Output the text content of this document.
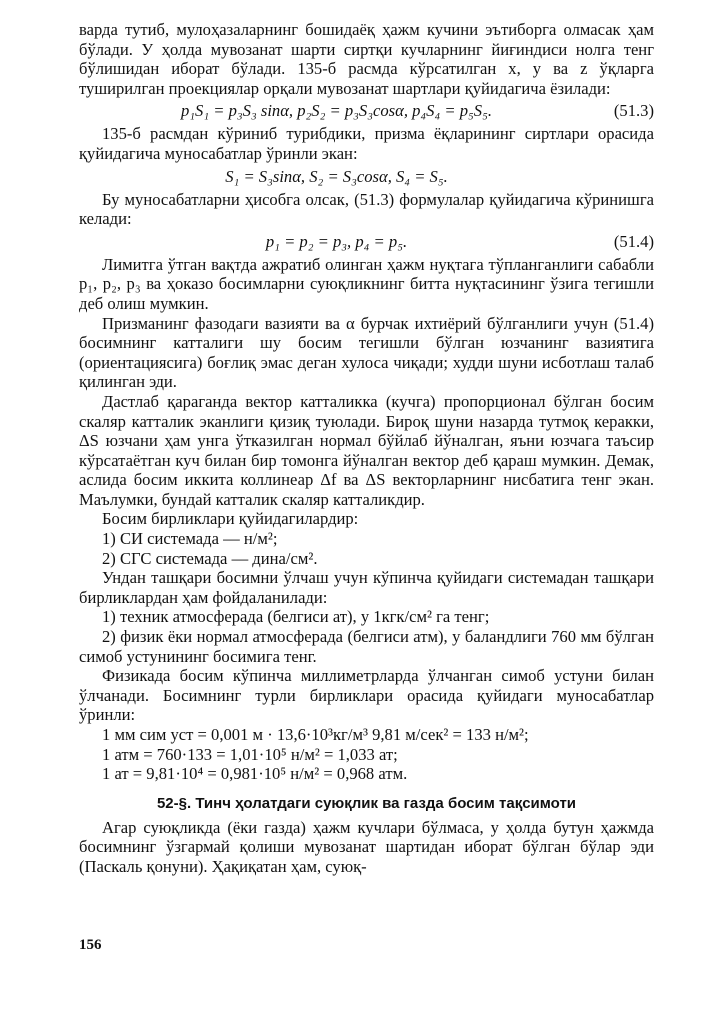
варда тутиб, мулоҳазаларнинг бошидаёқ ҳажм кучини эътиборга олмасак ҳам бўлади. У ҳолда мувозанат шарти сиртқи кучларнинг йиғиндиси нолга тенг бўлишидан иборат бўлади. 135-б расмда кўрсатилган x, y ва z ўқларга туширилган проекциялар орқали мувозанат шартлари қуйидагича ёзилади:

p₁S₁ = p₃S₃ sinα, p₂S₂ = p₃S₃cosα, p₄S₄ = p₅S₅.	(51.3)

135-б расмдан кўриниб турибдики, призма ёқларининг сиртлари орасида қуйидагича муносабатлар ўринли экан:

S₁ = S₃sinα, S₂ = S₃cosα, S₄ = S₅.

Бу муносабатларни ҳисобга олсак, (51.3) формулалар қуйидагича кўринишга келади:

p₁ = p₂ = p₃, p₄ = p₅.	(51.4)

Лимитга ўтган вақтда ажратиб олинган ҳажм нуқтага тўпланганлиги сабабли p₁, p₂, p₃ ва ҳоказо босимларни суюқликнинг битта нуқтасининг ўзига тегишли деб олиш мумкин.

Призманинг фазодаги вазияти ва α бурчак ихтиёрий бўлганлиги учун (51.4) босимнинг катталиги шу босим тегишли бўлган юзчанинг вазиятига (ориентациясига) боғлиқ эмас деган хулоса чиқади; худди шуни исботлаш талаб қилинган эди.

Дастлаб қараганда вектор катталикка (кучга) пропорционал бўлган босим скаляр катталик эканлиги қизиқ туюлади. Бироқ шуни назарда тутмоқ керакки, ΔS юзчани ҳам унга ўтказилган нормал бўйлаб йўналган, яъни юзчага таъсир кўрсатаётган куч билан бир томонга йўналган вектор деб қараш мумкин. Демак, аслида босим иккита коллинеар Δf ва ΔS векторларнинг нисбатига тенг экан. Маълумки, бундай катталик скаляр катталикдир.

Босим бирликлари қуйидагилардир:

1) СИ системада — н/м²;

2) СГС системада — дина/см².

Ундан ташқари босимни ўлчаш учун кўпинча қуйидаги системадан ташқари бирликлардан ҳам фойдаланилади:

1) техник атмосферада (белгиси ат), у 1кгк/см² га тенг;

2) физик ёки нормал атмосферада (белгиси атм), у баландлиги 760 мм бўлган симоб устунининг босимига тенг.

Физикада босим кўпинча миллиметрларда ўлчанган симоб устуни билан ўлчанади. Босимнинг турли бирликлари орасида қуйидаги муносабатлар ўринли:

1 мм сим уст = 0,001 м · 13,6·10³кг/м³ 9,81 м/сек² = 133 н/м²;

1 атм = 760·133 = 1,01·10⁵ н/м² = 1,033 ат;

1 ат = 9,81·10⁴ = 0,981·10⁵ н/м² = 0,968 атм.

52-§. Тинч ҳолатдаги суюқлик ва газда босим тақсимоти

Агар суюқликда (ёки газда) ҳажм кучлари бўлмаса, у ҳолда бутун ҳажмда босимнинг ўзгармай қолиши мувозанат шартидан иборат бўлган бўлар эди (Паскаль қонуни). Ҳақиқатан ҳам, суюқ-

156
